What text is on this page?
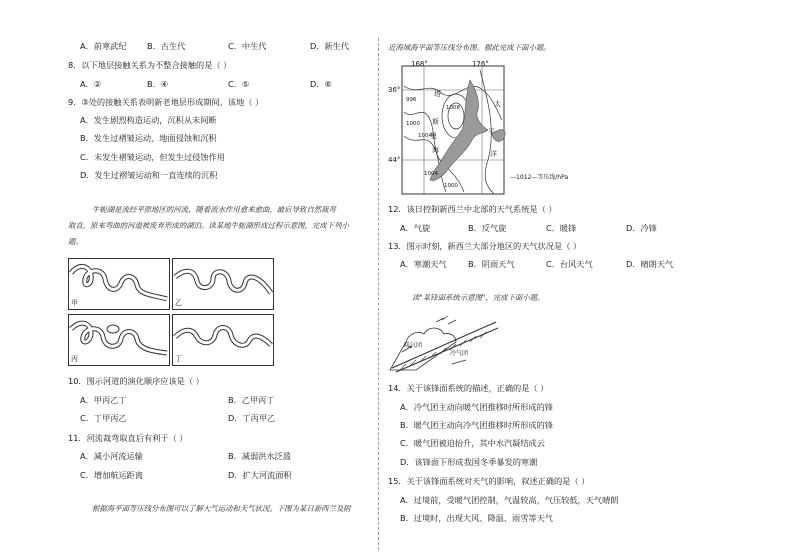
A．前寒武纪 B．古生代	C．中生代	D．新生代
8．以下地层接触关系为不整合接触的是（ ）
A．②	B．④	C．⑤	D．⑥
9．③处的接触关系表明新老地层形成期间，该地（ ）
A．发生剧烈构造运动，沉积从未间断
B．发生过褶皱运动、地面侵蚀和沉积
C．未发生褶皱运动，但发生过侵蚀作用
D．发生过褶皱运动和一直连续的沉积
牛轭湖是流经平原地区的河流，随着流水作用愈来愈曲，最后导致自然裁弯
取直，原来弯曲的河道被废弃形成的湖泊。读某地牛轭湖形成过程示意图，完成下列小
题。
甲	乙
丙	丁
10．图示河道的演化顺序应该是（ ）
A．甲丙乙丁	B．乙甲丙丁
C．丁甲丙乙	D．丁丙甲乙
11．河流裁弯取直后有利于（ ）
A．减小河流运输	B．减弱洪水泛滥
C．增加航运距离	D．扩大河流面积
根据海平面等压线分布图可以了解大气运动和天气状况。下图为某日新西兰及附
近海域海平面等压线分布图。据此完成下面小题。
168°	176°
36°
44°
996
1000
1004
1008
1004
1000
塔
斯
曼
海
太
平
洋
—1012—等压线/hPa
12．该日控制新西兰中北部的天气系统是（ ）
A．气旋	B．反气旋	C．暖锋	D．冷锋
13．图示时刻，新西兰大部分地区的天气状况是（ ）
A．寒潮天气	B．阴雨天气	C．台风天气	D．晴朗天气
读"某锋面系统示意图"，完成下面小题。
暖气团
冷气团
14．关于该锋面系统的描述，正确的是（ ）
A．冷气团主动向暖气团推移时所形成的锋
B．暖气团主动向冷气团推移时所形成的锋
C．暖气团被迫抬升，其中水汽凝结成云
D．该锋面下形成我国冬季暴发的寒潮
15．关于该锋面系统对天气的影响，叙述正确的是（ ）
A．过境前，受暖气团控制，气温较高，气压较低，天气晴朗
B．过境时，出现大风、降温、雨雪等天气
